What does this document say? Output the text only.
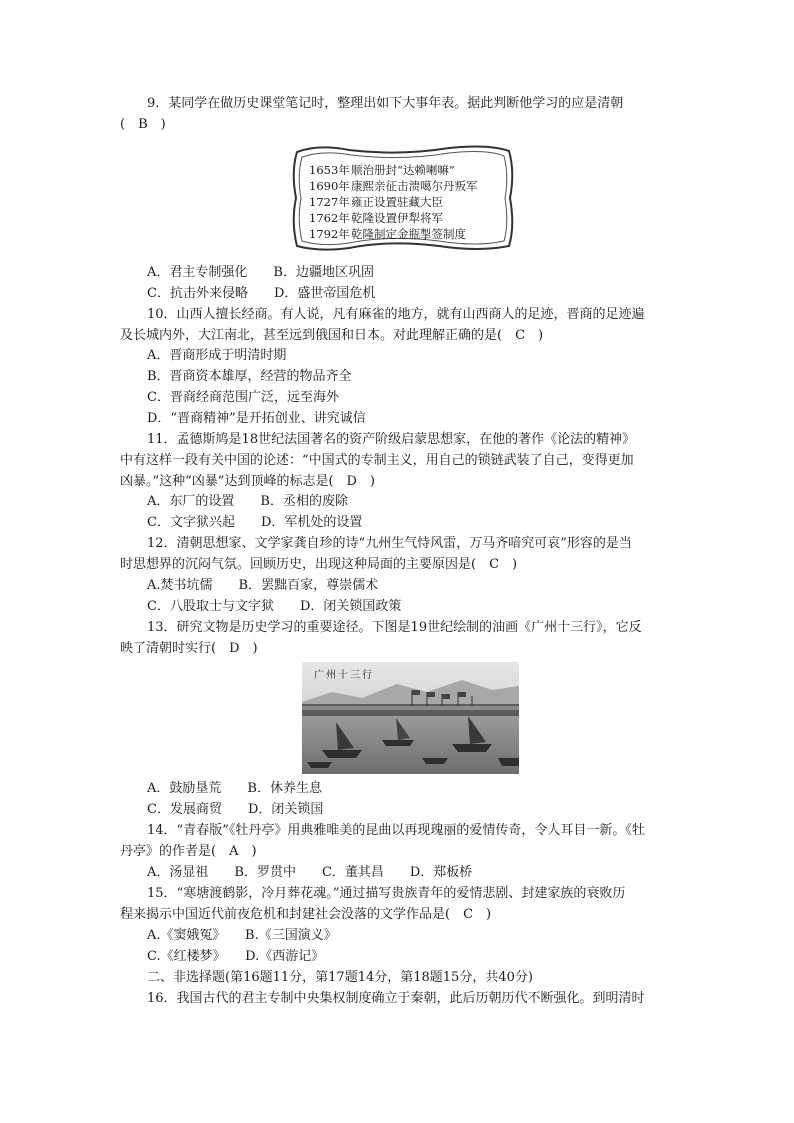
9．某同学在做历史课堂笔记时，整理出如下大事年表。据此判断他学习的应是清朝
(　B　)
1653年顺治册封“达赖喇嘛”
1690年康熙亲征击溃噶尔丹叛军
1727年雍正设置驻藏大臣
1762年乾隆设置伊犁将军
1792年乾隆制定金瓶掣签制度
A．君主专制强化　　B．边疆地区巩固
C．抗击外来侵略　　D．盛世帝国危机
10．山西人擅长经商。有人说，凡有麻雀的地方，就有山西商人的足迹，晋商的足迹遍
及长城内外，大江南北，甚至远到俄国和日本。对此理解正确的是(　C　)
A．晋商形成于明清时期
B．晋商资本雄厚，经营的物品齐全
C．晋商经商范围广泛，远至海外
D．“晋商精神”是开拓创业、讲究诚信
11．孟德斯鸠是18世纪法国著名的资产阶级启蒙思想家，在他的著作《论法的精神》
中有这样一段有关中国的论述：“中国式的专制主义，用自己的锁链武装了自己，变得更加
凶暴。”这种“凶暴”达到顶峰的标志是(　D　)
A．东厂的设置　　B．丞相的废除
C．文字狱兴起　　D．军机处的设置
12．清朝思想家、文学家龚自珍的诗“九州生气恃风雷，万马齐喑究可哀”形容的是当
时思想界的沉闷气氛。回顾历史，出现这种局面的主要原因是(　C　)
A.焚书坑儒　　B．罢黜百家，尊崇儒术
C．八股取士与文字狱　　D．闭关锁国政策
13．研究文物是历史学习的重要途径。下图是19世纪绘制的油画《广州十三行》，它反
映了清朝时实行(　D　)
广州十三行
A．鼓励垦荒　　B．休养生息
C．发展商贸　　D．闭关锁国
14．“青春版”《牡丹亭》用典雅唯美的昆曲以再现瑰丽的爱情传奇，令人耳目一新。《牡
丹亭》的作者是(　A　)
A．汤显祖　　B．罗贯中　　C．董其昌　　D．郑板桥
15．“寒塘渡鹤影，冷月葬花魂。”通过描写贵族青年的爱情悲剧、封建家族的衰败历
程来揭示中国近代前夜危机和封建社会没落的文学作品是(　C　)
A.《窦娥冤》　　B.《三国演义》
C.《红楼梦》　　D.《西游记》
二、非选择题(第16题11分，第17题14分，第18题15分，共40分)
16．我国古代的君主专制中央集权制度确立于秦朝，此后历朝历代不断强化。到明清时
